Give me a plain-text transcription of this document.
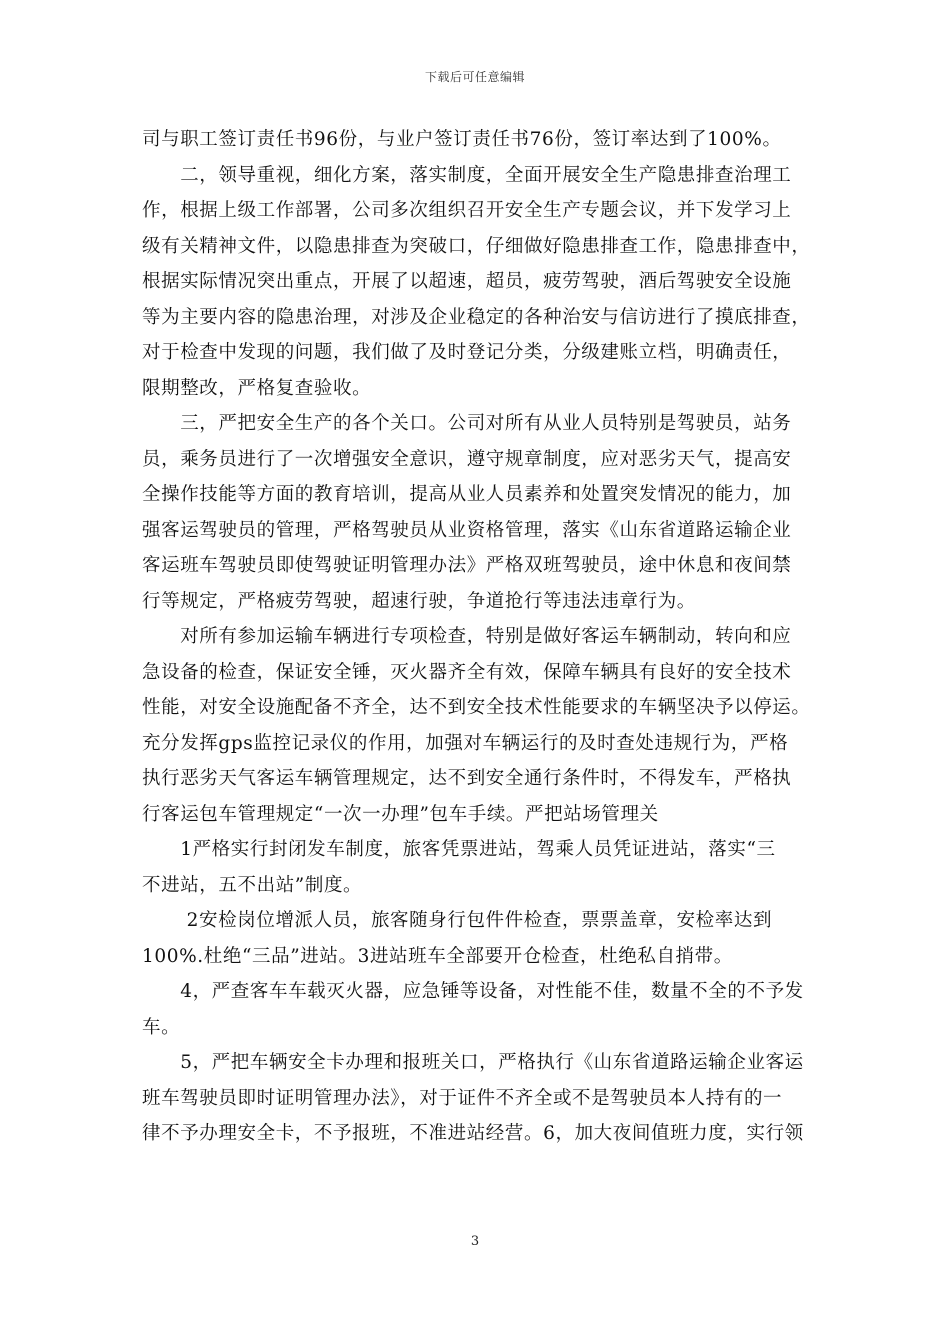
下载后可任意编辑
司与职工签订责任书96份，与业户签订责任书76份，签订率达到了100%。
　　二，领导重视，细化方案，落实制度，全面开展安全生产隐患排查治理工
作，根据上级工作部署，公司多次组织召开安全生产专题会议，并下发学习上
级有关精神文件，以隐患排查为突破口，仔细做好隐患排查工作，隐患排查中，
根据实际情况突出重点，开展了以超速，超员，疲劳驾驶，酒后驾驶安全设施
等为主要内容的隐患治理，对涉及企业稳定的各种治安与信访进行了摸底排查，
对于检查中发现的问题，我们做了及时登记分类，分级建账立档，明确责任，
限期整改，严格复查验收。
　　三，严把安全生产的各个关口。公司对所有从业人员特别是驾驶员，站务
员，乘务员进行了一次增强安全意识，遵守规章制度，应对恶劣天气，提高安
全操作技能等方面的教育培训，提高从业人员素养和处置突发情况的能力，加
强客运驾驶员的管理，严格驾驶员从业资格管理，落实《山东省道路运输企业
客运班车驾驶员即使驾驶证明管理办法》严格双班驾驶员，途中休息和夜间禁
行等规定，严格疲劳驾驶，超速行驶，争道抢行等违法违章行为。
　　对所有参加运输车辆进行专项检查，特别是做好客运车辆制动，转向和应
急设备的检查，保证安全锤，灭火器齐全有效，保障车辆具有良好的安全技术
性能，对安全设施配备不齐全，达不到安全技术性能要求的车辆坚决予以停运。
充分发挥gps监控记录仪的作用，加强对车辆运行的及时查处违规行为，严格
执行恶劣天气客运车辆管理规定，达不到安全通行条件时，不得发车，严格执
行客运包车管理规定“一次一办理”包车手续。严把站场管理关
　　1严格实行封闭发车制度，旅客凭票进站，驾乘人员凭证进站，落实“三
不进站，五不出站”制度。
　　 2安检岗位增派人员，旅客随身行包件件检查，票票盖章，安检率达到
100%.杜绝“三品”进站。3进站班车全部要开仓检查，杜绝私自捎带。
　　4，严查客车车载灭火器，应急锤等设备，对性能不佳，数量不全的不予发
车。
　　5，严把车辆安全卡办理和报班关口，严格执行《山东省道路运输企业客运
班车驾驶员即时证明管理办法》，对于证件不齐全或不是驾驶员本人持有的一
律不予办理安全卡，不予报班，不准进站经营。6，加大夜间值班力度，实行领
3
